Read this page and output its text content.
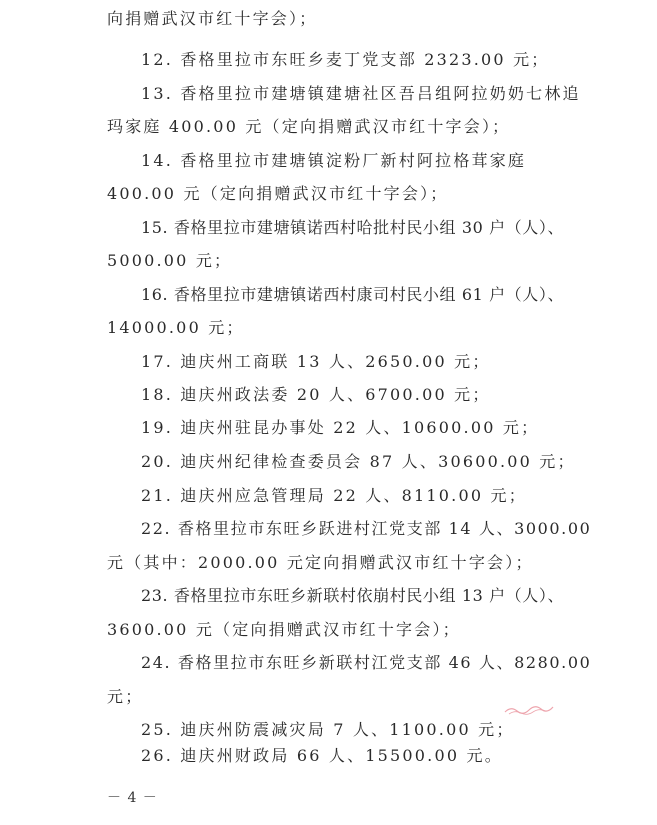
向捐赠武汉市红十字会）；
12. 香格里拉市东旺乡麦丁党支部 2323.00 元；
13. 香格里拉市建塘镇建塘社区吾吕组阿拉奶奶七林追
玛家庭 400.00 元（定向捐赠武汉市红十字会）；
14. 香格里拉市建塘镇淀粉厂新村阿拉格茸家庭
400.00 元（定向捐赠武汉市红十字会）；
15. 香格里拉市建塘镇诺西村哈批村民小组 30 户（人）、
5000.00 元；
16. 香格里拉市建塘镇诺西村康司村民小组 61 户（人）、
14000.00 元；
17. 迪庆州工商联 13 人、2650.00 元；
18. 迪庆州政法委 20 人、6700.00 元；
19. 迪庆州驻昆办事处 22 人、10600.00 元；
20. 迪庆州纪律检查委员会 87 人、30600.00 元；
21. 迪庆州应急管理局 22 人、8110.00 元；
22. 香格里拉市东旺乡跃进村江党支部 14 人、3000.00
元（其中：2000.00 元定向捐赠武汉市红十字会）；
23. 香格里拉市东旺乡新联村依崩村民小组 13 户（人）、
3600.00 元（定向捐赠武汉市红十字会）；
24. 香格里拉市东旺乡新联村江党支部 46 人、8280.00
元；
25. 迪庆州防震减灾局 7 人、1100.00 元；
26. 迪庆州财政局 66 人、15500.00 元。
－ 4 －
